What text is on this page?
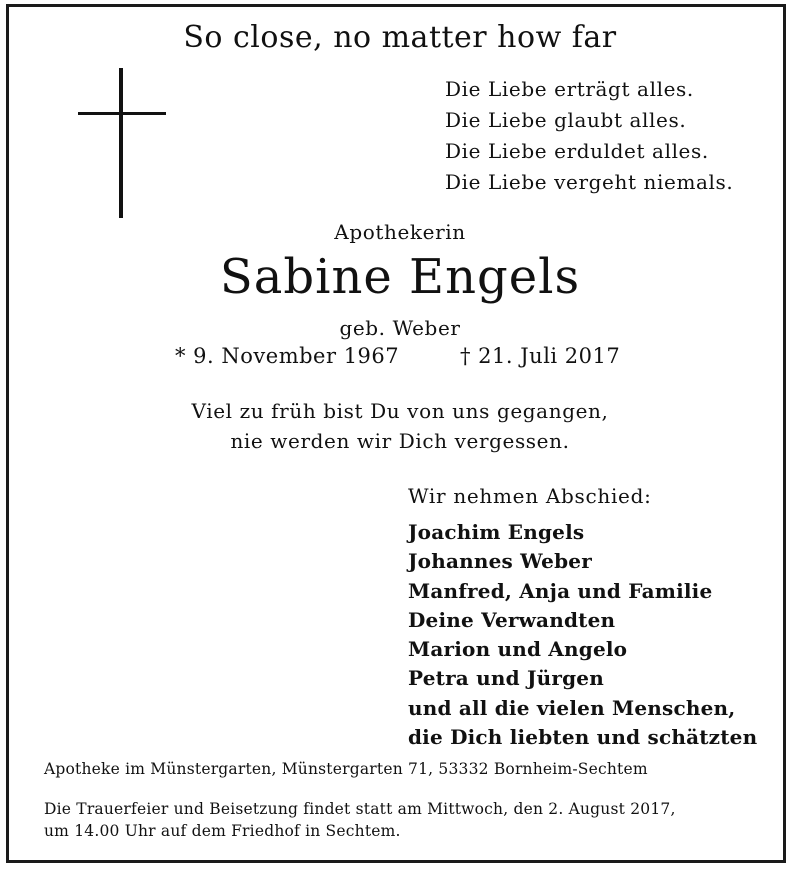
So close, no matter how far
Die Liebe erträgt alles.
Die Liebe glaubt alles.
Die Liebe erduldet alles.
Die Liebe vergeht niemals.
Apothekerin
Sabine Engels
geb. Weber
* 9. November 1967	† 21. Juli 2017
Viel zu früh bist Du von uns gegangen,
nie werden wir Dich vergessen.
Wir nehmen Abschied:
Joachim Engels
Johannes Weber
Manfred, Anja und Familie
Deine Verwandten
Marion und Angelo
Petra und Jürgen
und all die vielen Menschen,
die Dich liebten und schätzten
Apotheke im Münstergarten, Münstergarten 71, 53332 Bornheim-Sechtem
Die Trauerfeier und Beisetzung findet statt am Mittwoch, den 2. August 2017,
um 14.00 Uhr auf dem Friedhof in Sechtem.
